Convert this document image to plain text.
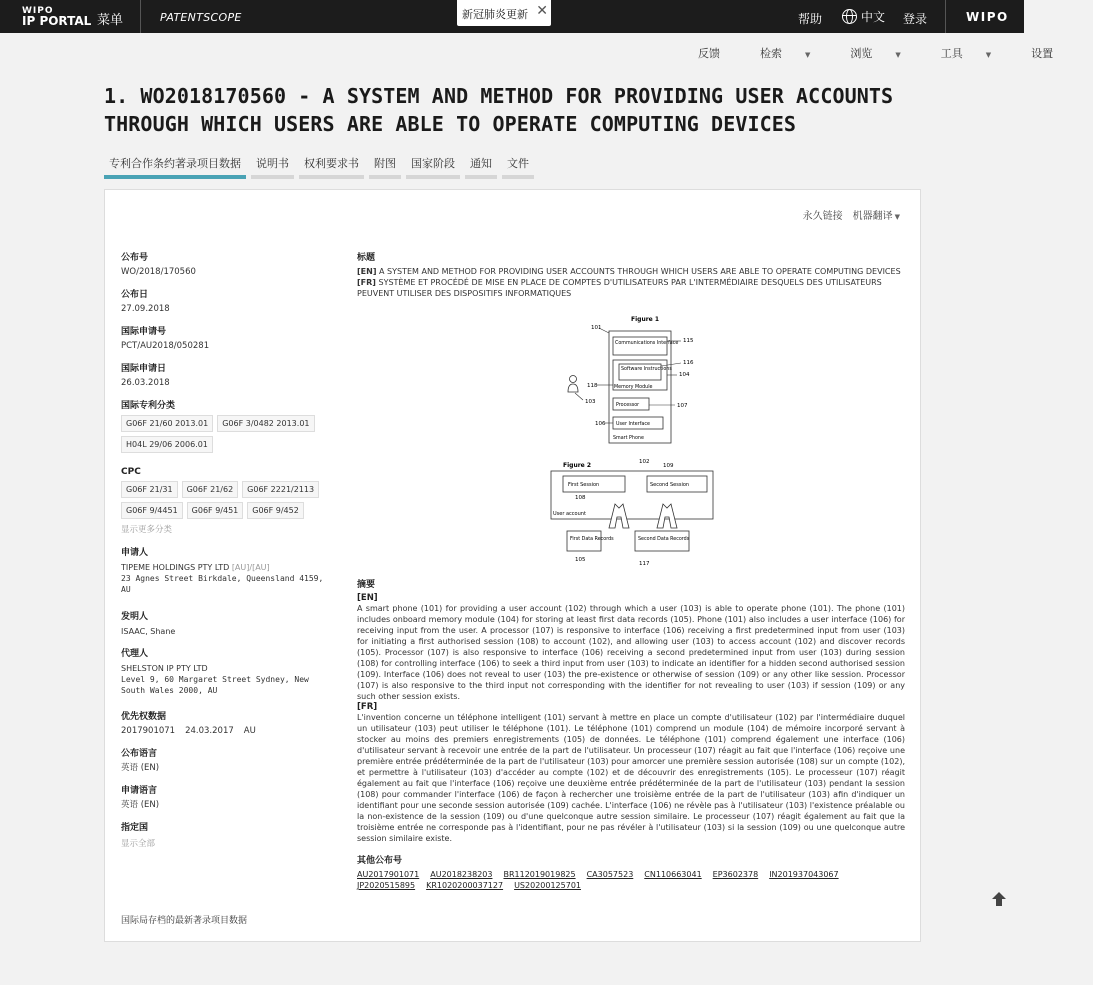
WIPO
IP PORTAL 菜单	PATENTSCOPE	新冠肺炎更新 ✕	帮助	中文 登录	WIPO
反馈	检索	▼	浏览	▼	工具	▼	设置
1. WO2018170560 - A SYSTEM AND METHOD FOR PROVIDING USER ACCOUNTS THROUGH WHICH USERS ARE ABLE TO OPERATE COMPUTING DEVICES
专利合作条约著录项目数据	说明书	权利要求书	附图	国家阶段	通知	文件
永久链接 机器翻译 ▼
公布号
WO/2018/170560
公布日
27.09.2018
国际申请号
PCT/AU2018/050281
国际申请日
26.03.2018
国际专利分类
G06F 21/60 2013.01	G06F 3/0482 2013.01
H04L 29/06 2006.01
CPC
G06F 21/31	G06F 21/62	G06F 2221/2113
G06F 9/4451	G06F 9/451	G06F 9/452
显示更多分类
申请人
TIPEME HOLDINGS PTY LTD [AU]/[AU]
23 Agnes Street Birkdale, Queensland 4159, AU
发明人
ISAAC, Shane
代理人
SHELSTON IP PTY LTD
Level 9, 60 Margaret Street Sydney, New South Wales 2000, AU
优先权数据
2017901071 24.03.2017 AU
公布语言
英语 (EN)
申请语言
英语 (EN)
指定国
显示全部
标题
[EN] A SYSTEM AND METHOD FOR PROVIDING USER ACCOUNTS THROUGH WHICH USERS ARE ABLE TO OPERATE COMPUTING DEVICES
[FR] SYSTÈME ET PROCÉDÉ DE MISE EN PLACE DE COMPTES D'UTILISATEURS PAR L'INTERMÉDIAIRE DESQUELS DES UTILISATEURS PEUVENT UTILISER DES DISPOSITIFS INFORMATIQUES
Figure 1
101
Communications Interface 115
Software Instructions
Memory Module
116
104
118
Processor	107
User Interface
106
Smart Phone
103
Figure 2	102
109
First Session	Second Session
108
User account
First Data Records	Second Data Records
105
117
摘要
[EN]
A smart phone (101) for providing a user account (102) through which a user (103) is able to operate phone (101). The phone (101) includes onboard memory module (104) for storing at least first data records (105). Phone (101) also includes a user interface (106) for receiving input from the user. A processor (107) is responsive to interface (106) receiving a first predetermined input from user (103) for initiating a first authorised session (108) to account (102), and allowing user (103) to access account (102) and discover records (105). Processor (107) is also responsive to interface (106) receiving a second predetermined input from user (103) during session (108) for controlling interface (106) to seek a third input from user (103) to indicate an identifier for a hidden second authorised session (109). Interface (106) does not reveal to user (103) the pre-existence or otherwise of session (109) or any other like session. Processor (107) is also responsive to the third input not corresponding with the identifier for not revealing to user (103) if session (109) or any such other session exists.
[FR]
L'invention concerne un téléphone intelligent (101) servant à mettre en place un compte d'utilisateur (102) par l'intermédiaire duquel un utilisateur (103) peut utiliser le téléphone (101). Le téléphone (101) comprend un module (104) de mémoire incorporé servant à stocker au moins des premiers enregistrements (105) de données. Le téléphone (101) comprend également une interface (106) d'utilisateur servant à recevoir une entrée de la part de l'utilisateur. Un processeur (107) réagit au fait que l'interface (106) reçoive une première entrée prédéterminée de la part de l'utilisateur (103) pour amorcer une première session autorisée (108) sur un compte (102), et permettre à l'utilisateur (103) d'accéder au compte (102) et de découvrir des enregistrements (105). Le processeur (107) réagit également au fait que l'interface (106) reçoive une deuxième entrée prédéterminée de la part de l'utilisateur (103) pendant la session (108) pour commander l'interface (106) de façon à rechercher une troisième entrée de la part de l'utilisateur (103) afin d'indiquer un identifiant pour une seconde session autorisée (109) cachée. L'interface (106) ne révèle pas à l'utilisateur (103) l'existence préalable ou la non-existence de la session (109) ou d'une quelconque autre session similaire. Le processeur (107) réagit également au fait que la troisième entrée ne corresponde pas à l'identifiant, pour ne pas révéler à l'utilisateur (103) si la session (109) ou une quelconque autre session similaire existe.
其他公布号
AU2017901071 AU2018238203 BR112019019825 CA3057523 CN110663041 EP3602378 IN201937043067
JP2020515895 KR1020200037127 US20200125701
国际局存档的最新著录项目数据
